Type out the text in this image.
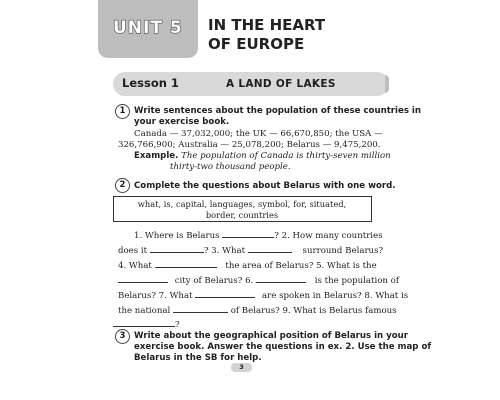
UNIT 5 IN THE HEART
OF EUROPE
Lesson 1	A LAND OF LAKES
1 Write sentences about the population of these countries in
your exercise book.
Canada — 37,032,000; the UK — 66,670,850; the USA —
326,766,900; Australia — 25,078,200; Belarus — 9,475,200.
Example. The population of Canada is thirty-seven million
thirty-two thousand people.
2 Complete the questions about Belarus with one word.
what, is, capital, languages, symbol, for, situated,
border, countries
1. Where is Belarus	? 2. How many countries
does it	? 3. What	surround Belarus?
4. What	the area of Belarus? 5. What is the
city of Belarus? 6.	is the population of
Belarus? 7. What	are spoken in Belarus? 8. What is
the national	of Belarus? 9. What is Belarus famous
?
3 Write about the geographical position of Belarus in your
exercise book. Answer the questions in ex. 2. Use the map of
Belarus in the SB for help.
3
